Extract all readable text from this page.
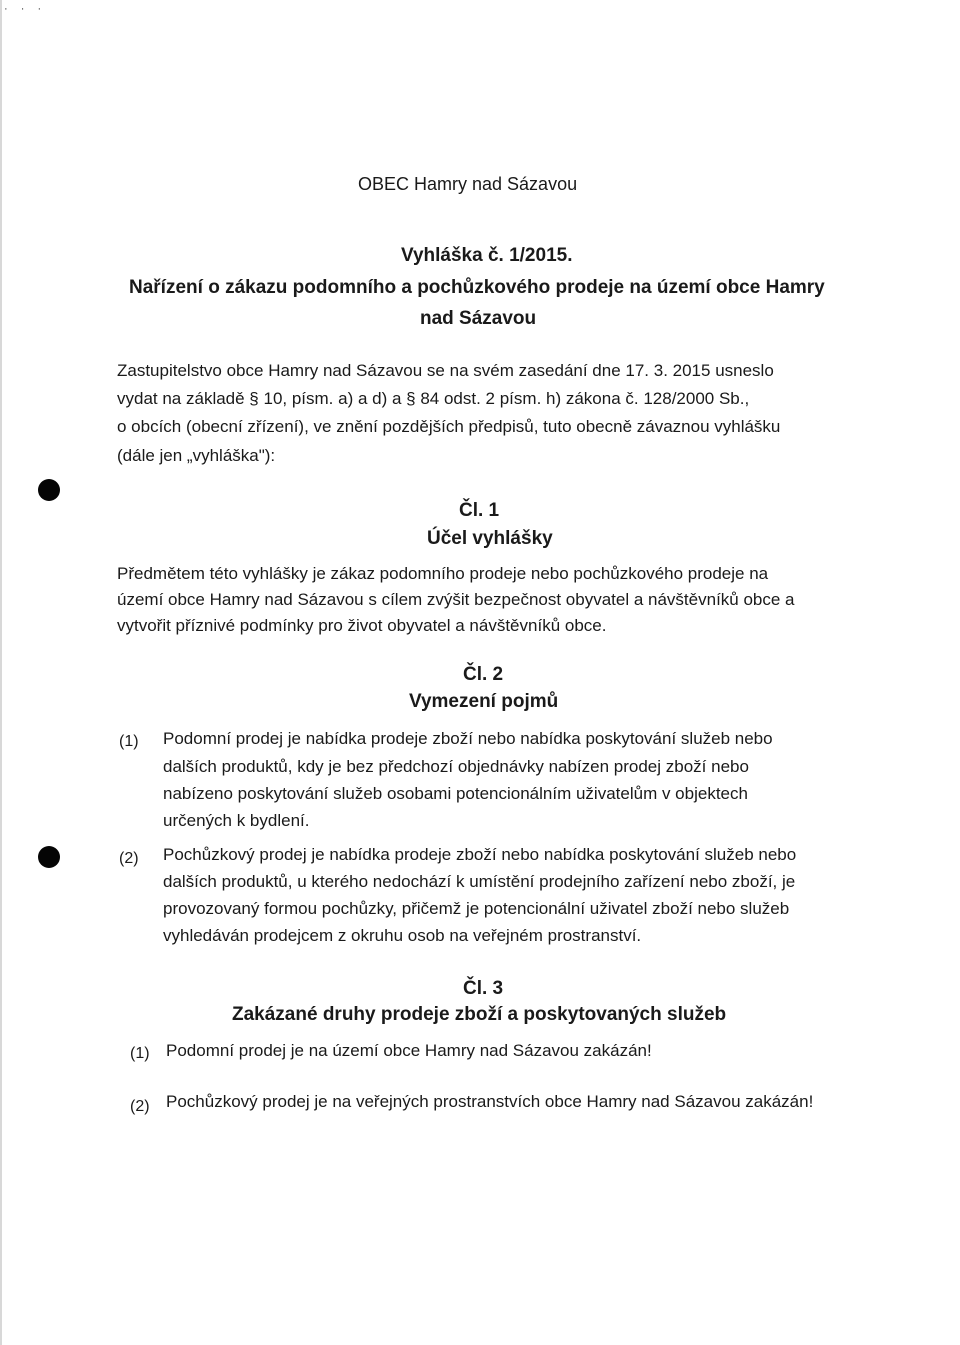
· · ·
OBEC Hamry nad Sázavou
Vyhláška č. 1/2015.
Nařízení o zákazu podomního a pochůzkového prodeje na území obce Hamry
nad Sázavou
Zastupitelstvo obce Hamry nad Sázavou se na svém zasedání dne 17. 3. 2015 usneslo
vydat na základě § 10, písm. a) a d) a § 84 odst. 2 písm. h) zákona č. 128/2000 Sb.,
o obcích (obecní zřízení), ve znění pozdějších předpisů, tuto obecně závaznou vyhlášku
(dále jen „vyhláška"):
Čl. 1
Účel vyhlášky
Předmětem této vyhlášky je zákaz podomního prodeje nebo pochůzkového prodeje na
území obce Hamry nad Sázavou s cílem zvýšit bezpečnost obyvatel a návštěvníků obce a
vytvořit příznivé podmínky pro život obyvatel a návštěvníků obce.
Čl. 2
Vymezení pojmů
(1) Podomní prodej je nabídka prodeje zboží nebo nabídka poskytování služeb nebo
dalších produktů, kdy je bez předchozí objednávky nabízen prodej zboží nebo
nabízeno poskytování služeb osobami potencionálním uživatelům v objektech
určených k bydlení.
(2) Pochůzkový prodej je nabídka prodeje zboží nebo nabídka poskytování služeb nebo
dalších produktů, u kterého nedochází k umístění prodejního zařízení nebo zboží, je
provozovaný formou pochůzky, přičemž je potencionální uživatel zboží nebo služeb
vyhledáván prodejcem z okruhu osob na veřejném prostranství.
Čl. 3
Zakázané druhy prodeje zboží a poskytovaných služeb
(1) Podomní prodej je na území obce Hamry nad Sázavou zakázán!
(2) Pochůzkový prodej je na veřejných prostranstvích obce Hamry nad Sázavou zakázán!
